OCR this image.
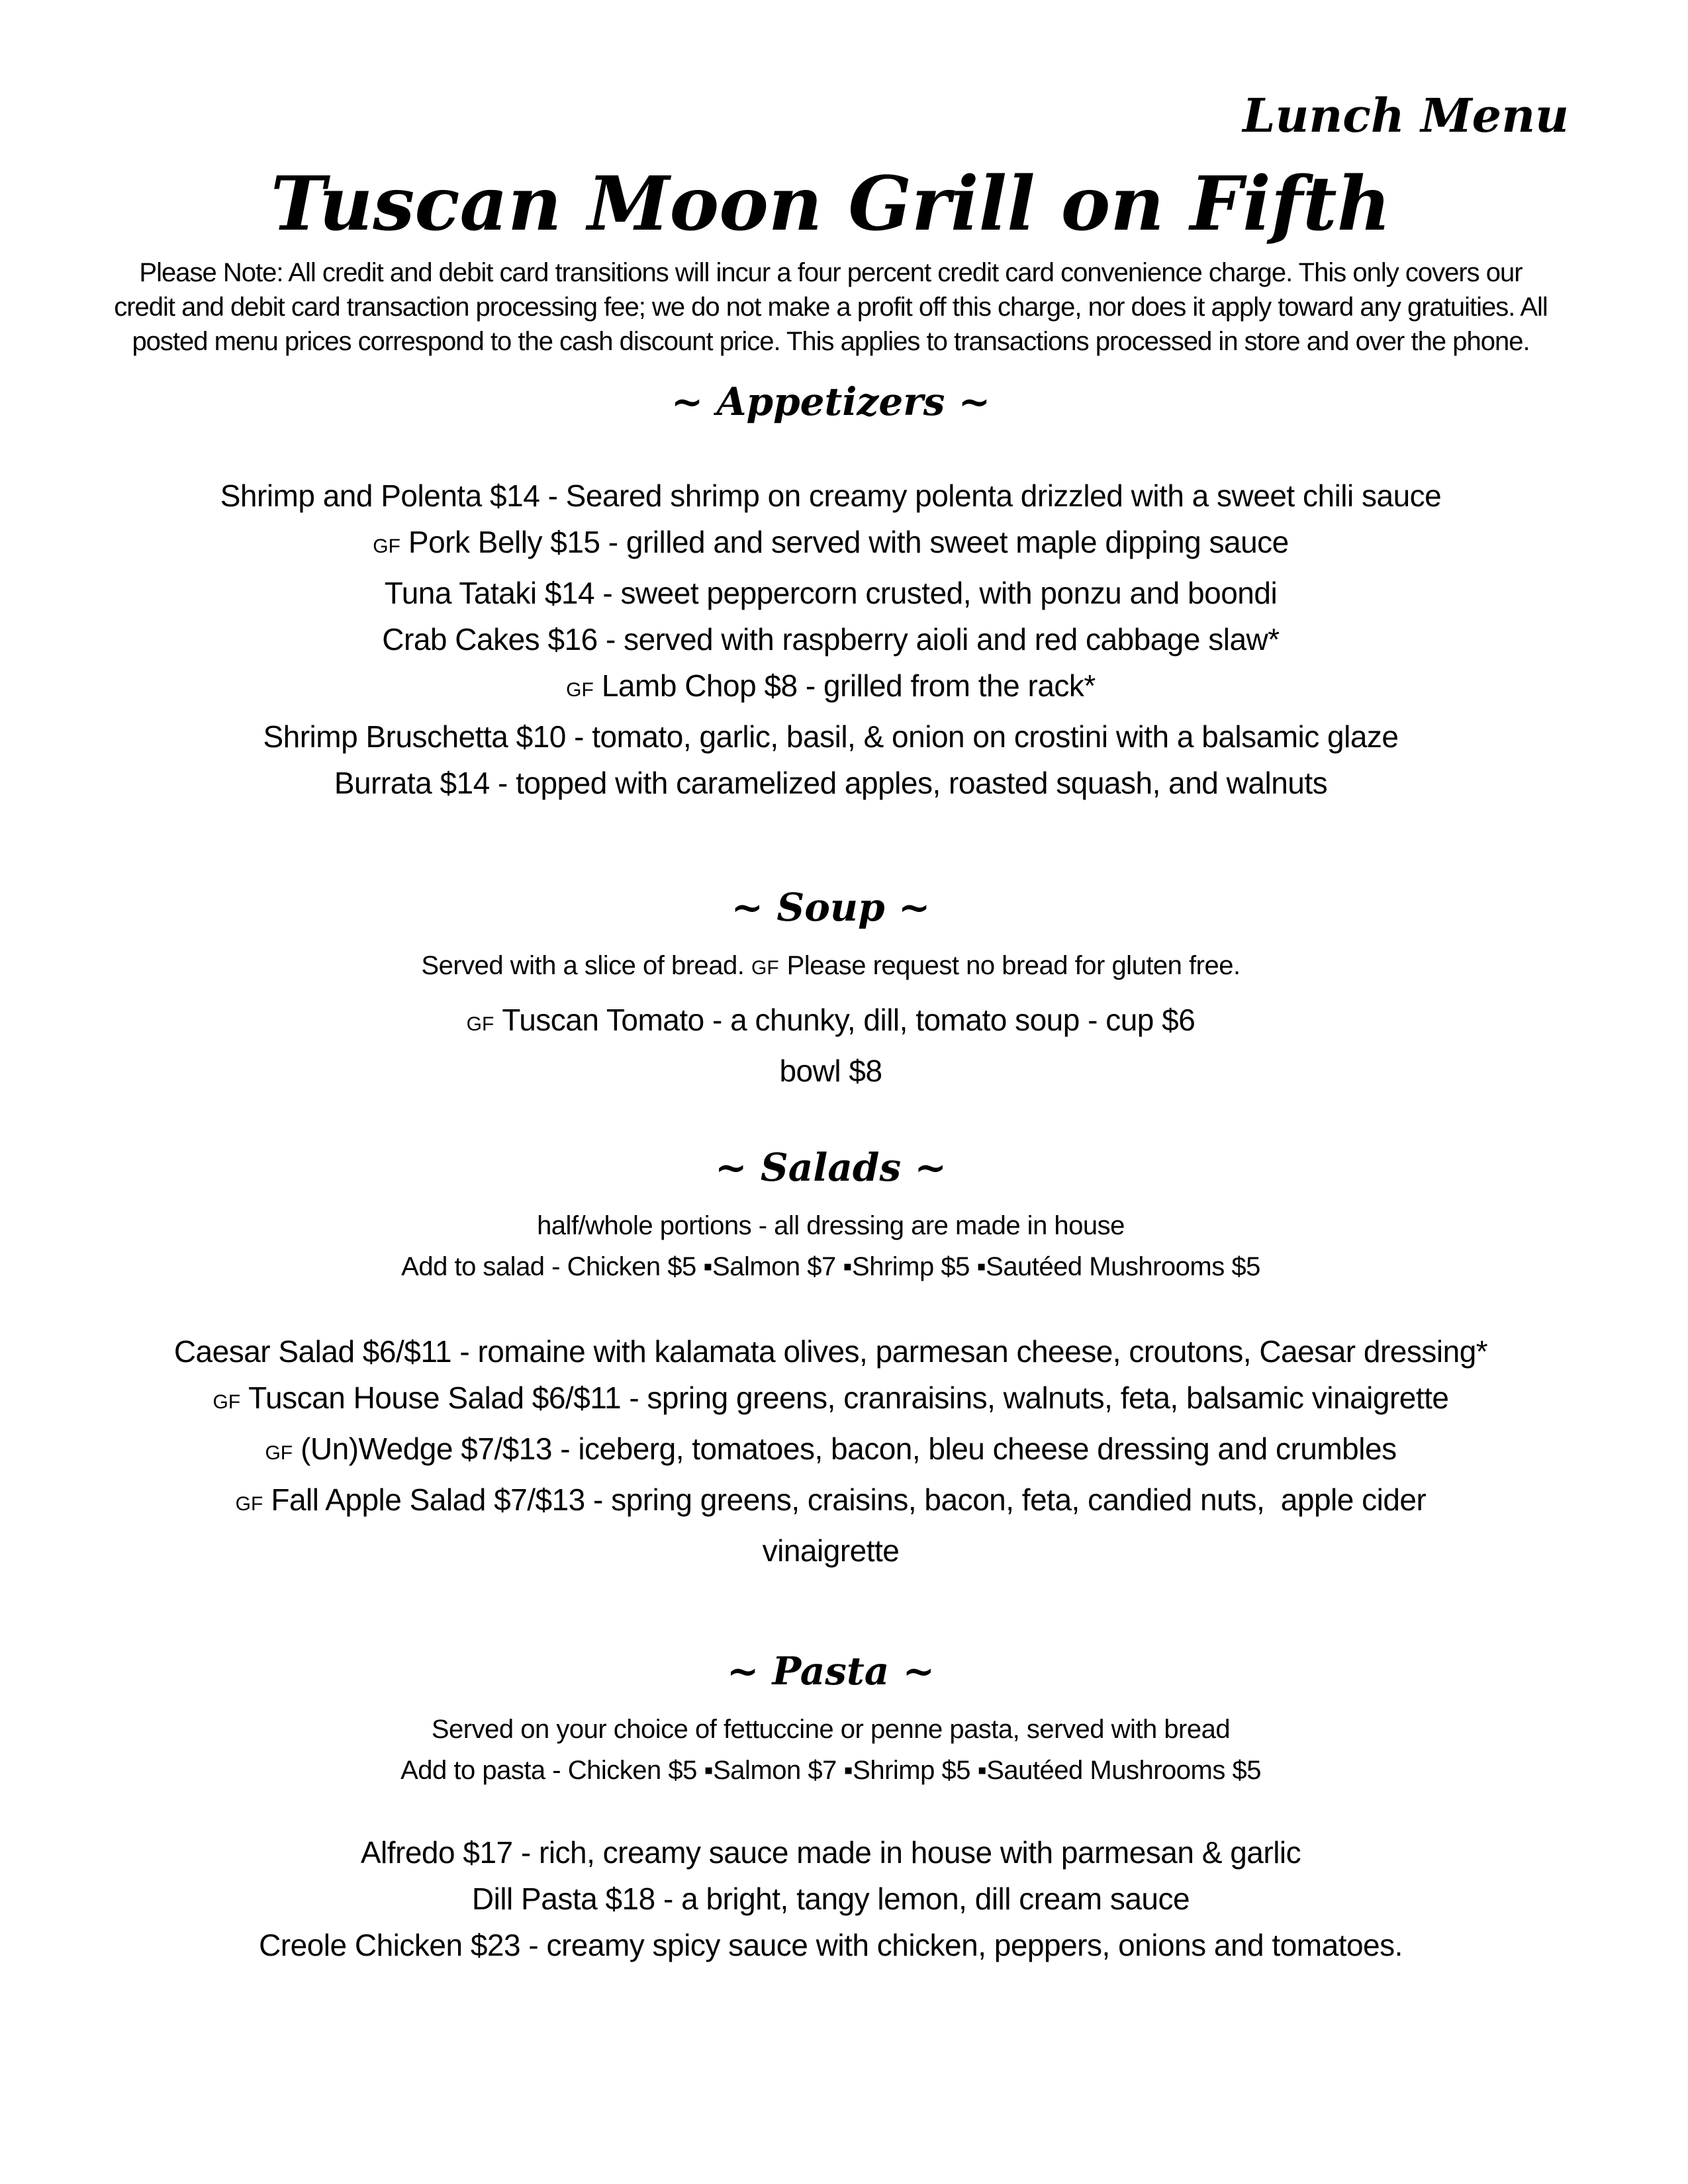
Lunch Menu
Tuscan Moon Grill on Fifth
Please Note: All credit and debit card transitions will incur a four percent credit card convenience charge. This only covers our
credit and debit card transaction processing fee; we do not make a profit off this charge, nor does it apply toward any gratuities. All
posted menu prices correspond to the cash discount price. This applies to transactions processed in store and over the phone.
~ Appetizers ~
Shrimp and Polenta $14 - Seared shrimp on creamy polenta drizzled with a sweet chili sauce
GF Pork Belly $15 - grilled and served with sweet maple dipping sauce
Tuna Tataki $14 - sweet peppercorn crusted, with ponzu and boondi
Crab Cakes $16 - served with raspberry aioli and red cabbage slaw*
GF Lamb Chop $8 - grilled from the rack*
Shrimp Bruschetta $10 - tomato, garlic, basil, & onion on crostini with a balsamic glaze
Burrata $14 - topped with caramelized apples, roasted squash, and walnuts
~ Soup ~
Served with a slice of bread. GF Please request no bread for gluten free.
GF Tuscan Tomato - a chunky, dill, tomato soup - cup $6
bowl $8
~ Salads ~
half/whole portions - all dressing are made in house
Add to salad - Chicken $5 ▪Salmon $7 ▪Shrimp $5 ▪Sautéed Mushrooms $5
Caesar Salad $6/$11 - romaine with kalamata olives, parmesan cheese, croutons, Caesar dressing*
GF Tuscan House Salad $6/$11 - spring greens, cranraisins, walnuts, feta, balsamic vinaigrette
GF (Un)Wedge $7/$13 - iceberg, tomatoes, bacon, bleu cheese dressing and crumbles
GF Fall Apple Salad $7/$13 - spring greens, craisins, bacon, feta, candied nuts,  apple cider
vinaigrette
~ Pasta ~
Served on your choice of fettuccine or penne pasta, served with bread
Add to pasta - Chicken $5 ▪Salmon $7 ▪Shrimp $5 ▪Sautéed Mushrooms $5
Alfredo $17 - rich, creamy sauce made in house with parmesan & garlic
Dill Pasta $18 - a bright, tangy lemon, dill cream sauce
Creole Chicken $23 - creamy spicy sauce with chicken, peppers, onions and tomatoes.
